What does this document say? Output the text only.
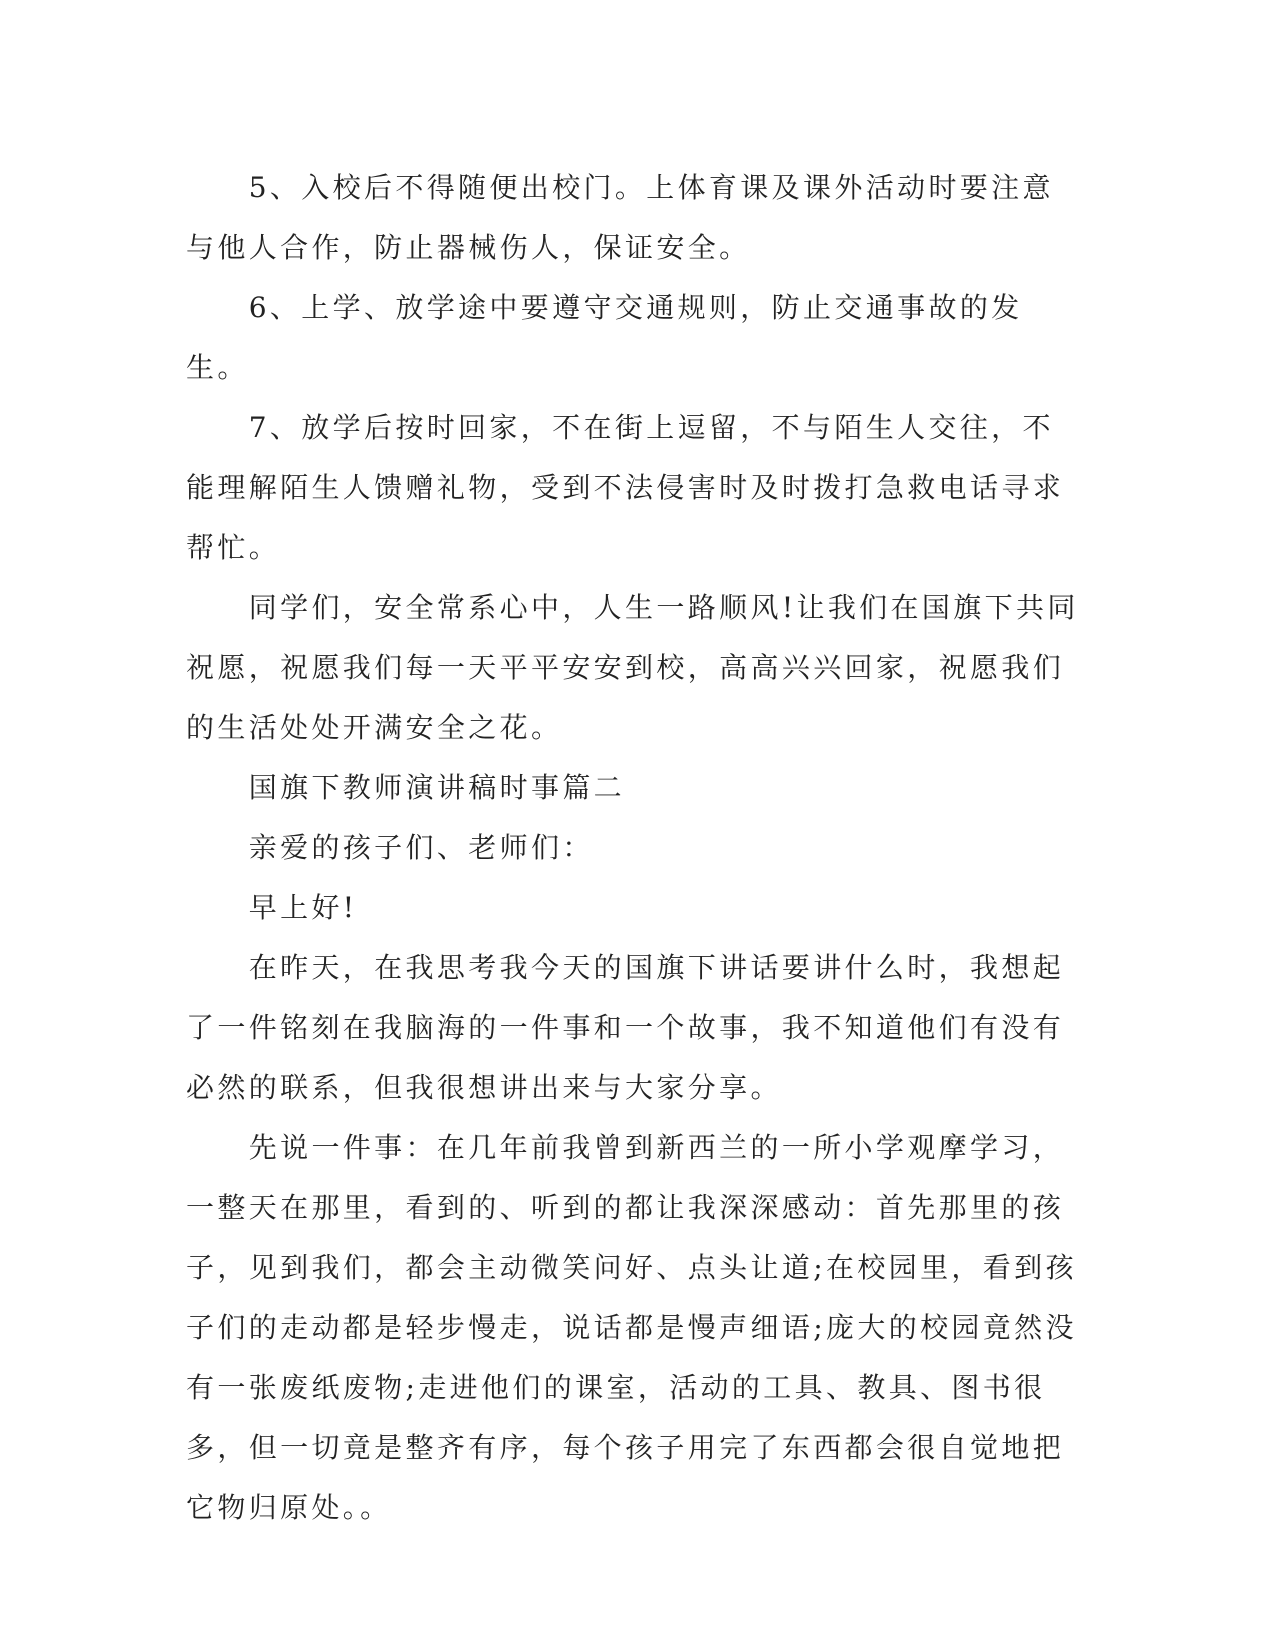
5、入校后不得随便出校门。上体育课及课外活动时要注意与他人合作，防止器械伤人，保证安全。

6、上学、放学途中要遵守交通规则，防止交通事故的发生。

7、放学后按时回家，不在街上逗留，不与陌生人交往，不能理解陌生人馈赠礼物，受到不法侵害时及时拨打急救电话寻求帮忙。

同学们，安全常系心中，人生一路顺风!让我们在国旗下共同祝愿，祝愿我们每一天平平安安到校，高高兴兴回家，祝愿我们的生活处处开满安全之花。

国旗下教师演讲稿时事篇二

亲爱的孩子们、老师们：

早上好!

在昨天，在我思考我今天的国旗下讲话要讲什么时，我想起了一件铭刻在我脑海的一件事和一个故事，我不知道他们有没有必然的联系，但我很想讲出来与大家分享。

先说一件事：在几年前我曾到新西兰的一所小学观摩学习，一整天在那里，看到的、听到的都让我深深感动：首先那里的孩子，见到我们，都会主动微笑问好、点头让道;在校园里，看到孩子们的走动都是轻步慢走，说话都是慢声细语;庞大的校园竟然没有一张废纸废物;走进他们的课室，活动的工具、教具、图书很多，但一切竟是整齐有序，每个孩子用完了东西都会很自觉地把它物归原处。。
